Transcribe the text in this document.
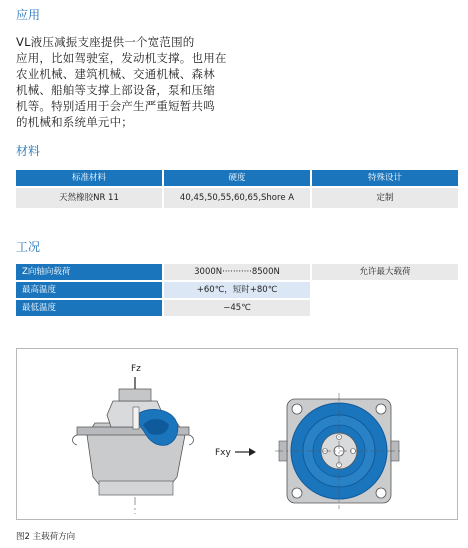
应用
VL液压减振支座提供一个宽范围的
应用，比如驾驶室，发动机支撑。也用在
农业机械、建筑机械、交通机械、森林
机械、船舶等支撑上部设备，泵和压缩
机等。特别适用于会产生严重短暂共鸣
的机械和系统单元中；
材料
标准材料	硬度	特殊设计
天然橡胶NR 11	40,45,50,55,60,65,Shore A	定制
工况
Z向轴向载荷	3000N···········8500N	允许最大载荷
最高温度	+60℃，短时+80℃
最低温度	−45℃
Fz
Fxy
图2 主载荷方向
